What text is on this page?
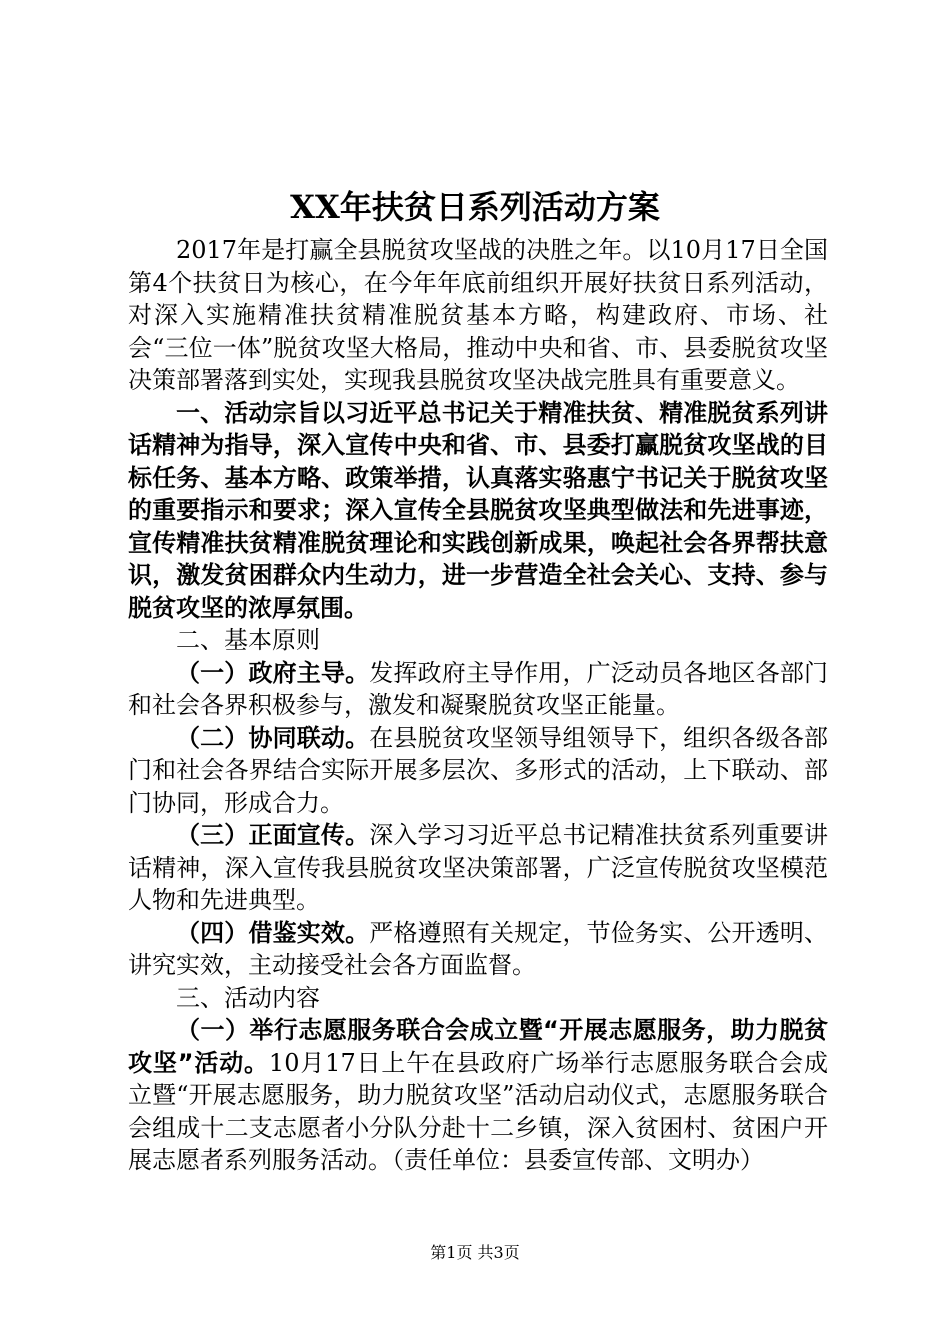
XX年扶贫日系列活动方案

2017年是打赢全县脱贫攻坚战的决胜之年。以10月17日全国第4个扶贫日为核心，在今年年底前组织开展好扶贫日系列活动，对深入实施精准扶贫精准脱贫基本方略，构建政府、市场、社会“三位一体”脱贫攻坚大格局，推动中央和省、市、县委脱贫攻坚决策部署落到实处，实现我县脱贫攻坚决战完胜具有重要意义。

一、活动宗旨以习近平总书记关于精准扶贫、精准脱贫系列讲话精神为指导，深入宣传中央和省、市、县委打赢脱贫攻坚战的目标任务、基本方略、政策举措，认真落实骆惠宁书记关于脱贫攻坚的重要指示和要求；深入宣传全县脱贫攻坚典型做法和先进事迹，宣传精准扶贫精准脱贫理论和实践创新成果，唤起社会各界帮扶意识，激发贫困群众内生动力，进一步营造全社会关心、支持、参与脱贫攻坚的浓厚氛围。

二、基本原则

（一）政府主导。发挥政府主导作用，广泛动员各地区各部门和社会各界积极参与，激发和凝聚脱贫攻坚正能量。

（二）协同联动。在县脱贫攻坚领导组领导下，组织各级各部门和社会各界结合实际开展多层次、多形式的活动，上下联动、部门协同，形成合力。

（三）正面宣传。深入学习习近平总书记精准扶贫系列重要讲话精神，深入宣传我县脱贫攻坚决策部署，广泛宣传脱贫攻坚模范人物和先进典型。

（四）借鉴实效。严格遵照有关规定，节俭务实、公开透明、讲究实效，主动接受社会各方面监督。

三、活动内容

（一）举行志愿服务联合会成立暨“开展志愿服务，助力脱贫攻坚”活动。10月17日上午在县政府广场举行志愿服务联合会成立暨“开展志愿服务，助力脱贫攻坚”活动启动仪式，志愿服务联合会组成十二支志愿者小分队分赴十二乡镇，深入贫困村、贫困户开展志愿者系列服务活动。（责任单位：县委宣传部、文明办）

第1页 共3页
